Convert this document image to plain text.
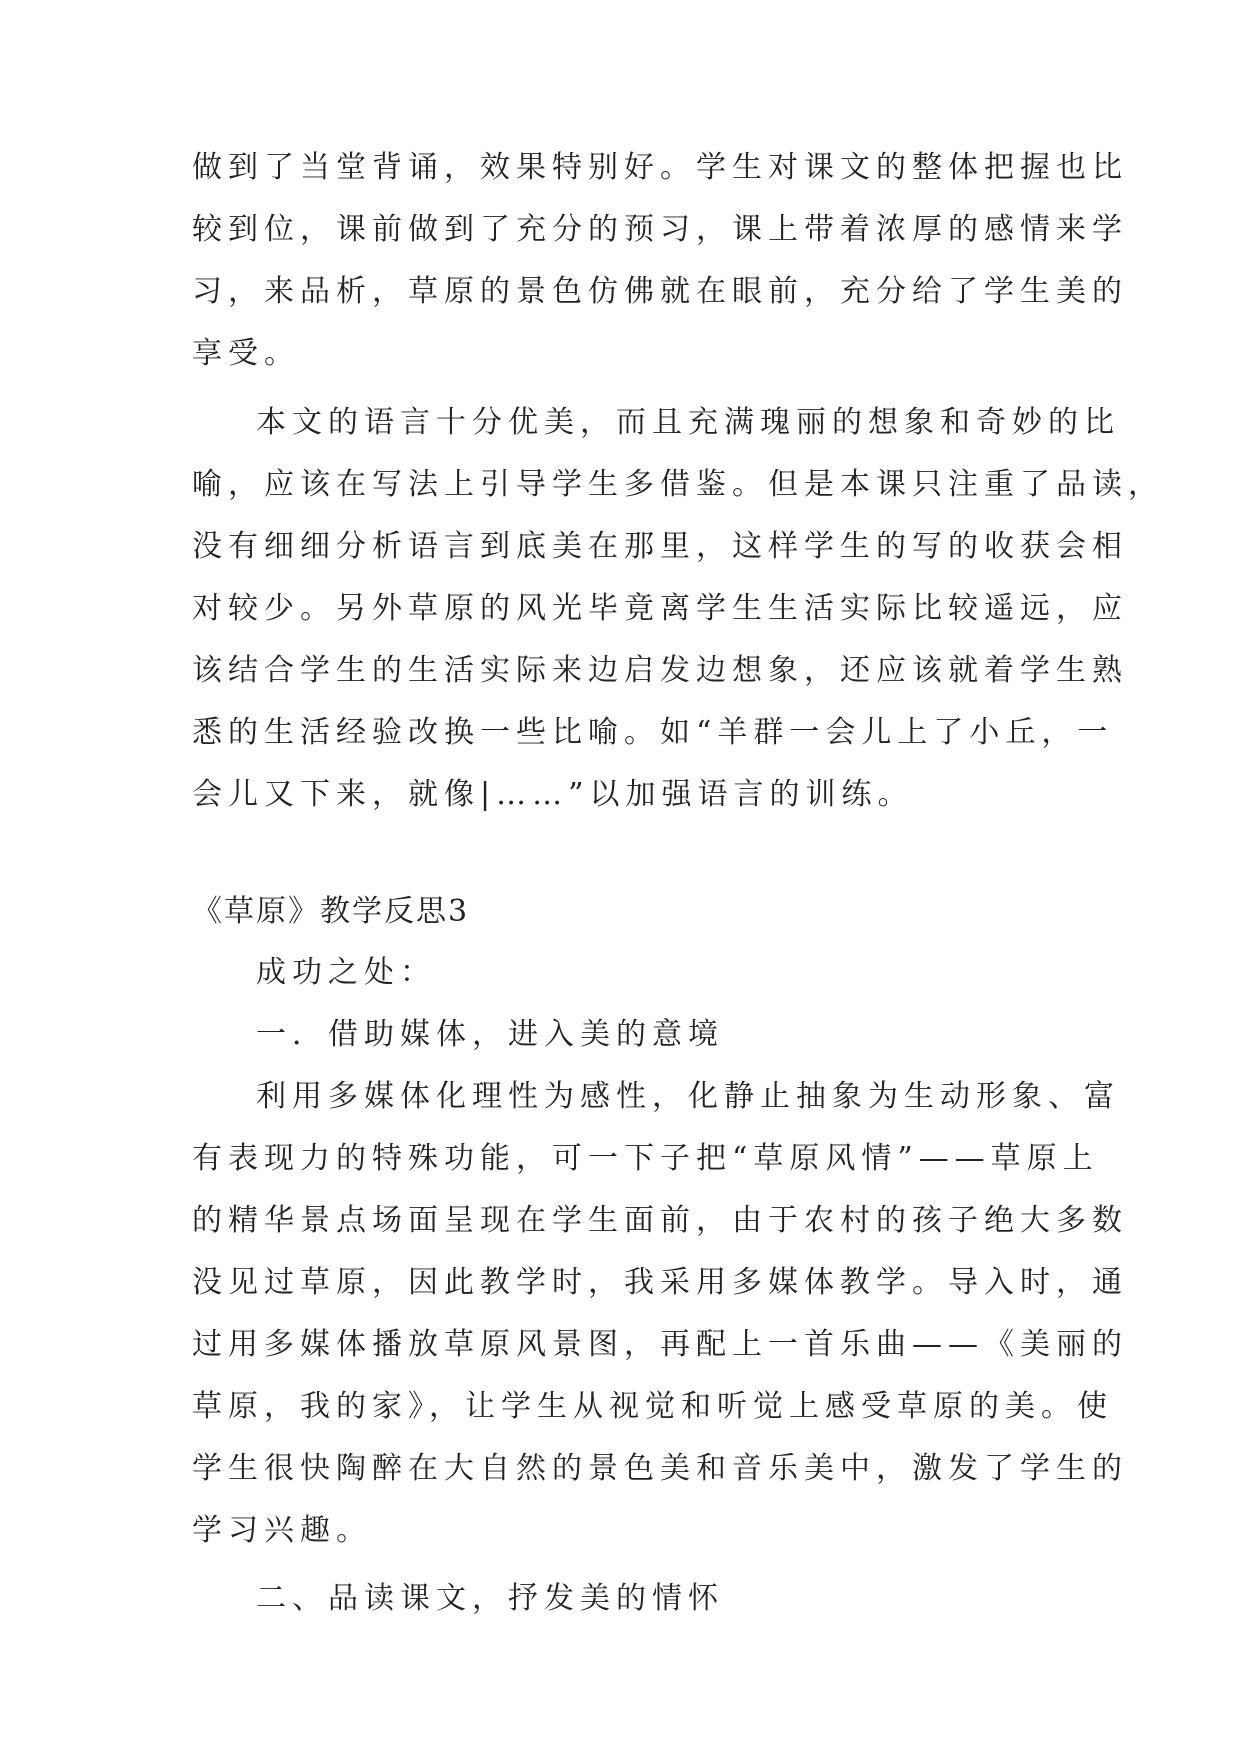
做到了当堂背诵，效果特别好。学生对课文的整体把握也比
较到位，课前做到了充分的预习，课上带着浓厚的感情来学
习，来品析，草原的景色仿佛就在眼前，充分给了学生美的
享受。
本文的语言十分优美，而且充满瑰丽的想象和奇妙的比
喻，应该在写法上引导学生多借鉴。但是本课只注重了品读，
没有细细分析语言到底美在那里，这样学生的写的收获会相
对较少。另外草原的风光毕竟离学生生活实际比较遥远，应
该结合学生的生活实际来边启发边想象，还应该就着学生熟
悉的生活经验改换一些比喻。如“羊群一会儿上了小丘，一
会儿又下来，就像|……”以加强语言的训练。
《草原》教学反思3
成功之处：
一．借助媒体，进入美的意境
利用多媒体化理性为感性，化静止抽象为生动形象、富
有表现力的特殊功能，可一下子把“草原风情”——草原上
的精华景点场面呈现在学生面前，由于农村的孩子绝大多数
没见过草原，因此教学时，我采用多媒体教学。导入时，通
过用多媒体播放草原风景图，再配上一首乐曲——《美丽的
草原，我的家》，让学生从视觉和听觉上感受草原的美。使
学生很快陶醉在大自然的景色美和音乐美中，激发了学生的
学习兴趣。
二、品读课文，抒发美的情怀
